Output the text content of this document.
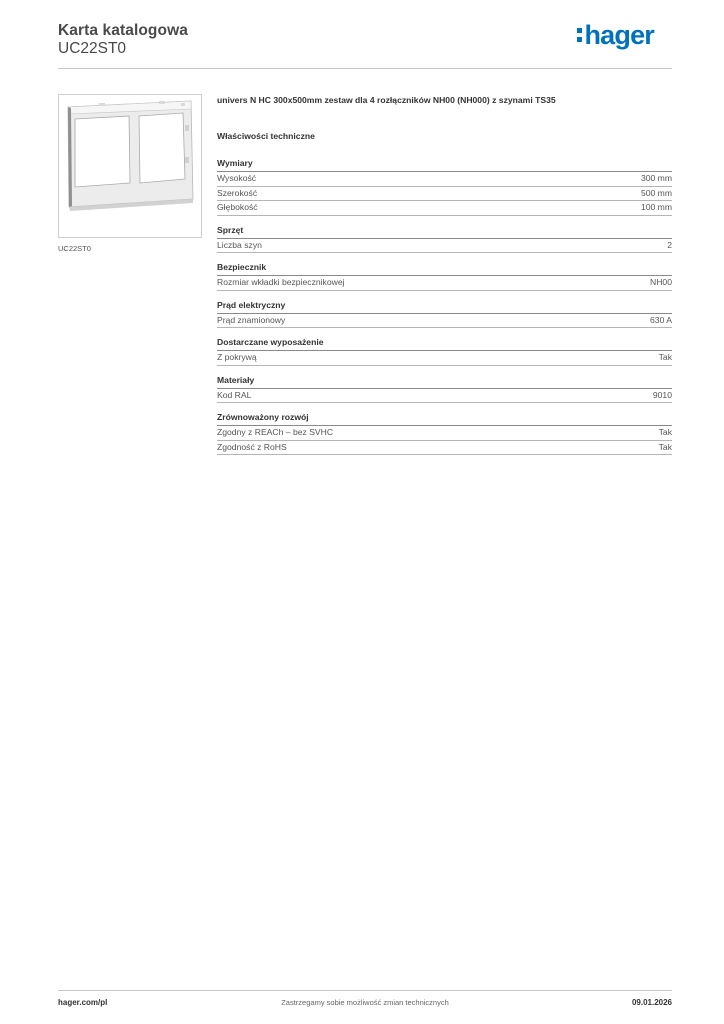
Karta katalogowa
UC22ST0	hager
UC22ST0
univers N HC 300x500mm zestaw dla 4 rozłączników NH00 (NH000) z szynami TS35
Właściwości techniczne
Wymiary
Wysokość	300 mm
Szerokość	500 mm
Głębokość	100 mm
Sprzęt
Liczba szyn	2
Bezpiecznik
Rozmiar wkładki bezpiecznikowej	NH00
Prąd elektryczny
Prąd znamionowy	630 A
Dostarczane wyposażenie
Z pokrywą	Tak
Materiały
Kod RAL	9010
Zrównoważony rozwój
Zgodny z REACh – bez SVHC	Tak
Zgodność z RoHS	Tak
hager.com/pl	Zastrzegamy sobie możliwość zmian technicznych	09.01.2026
